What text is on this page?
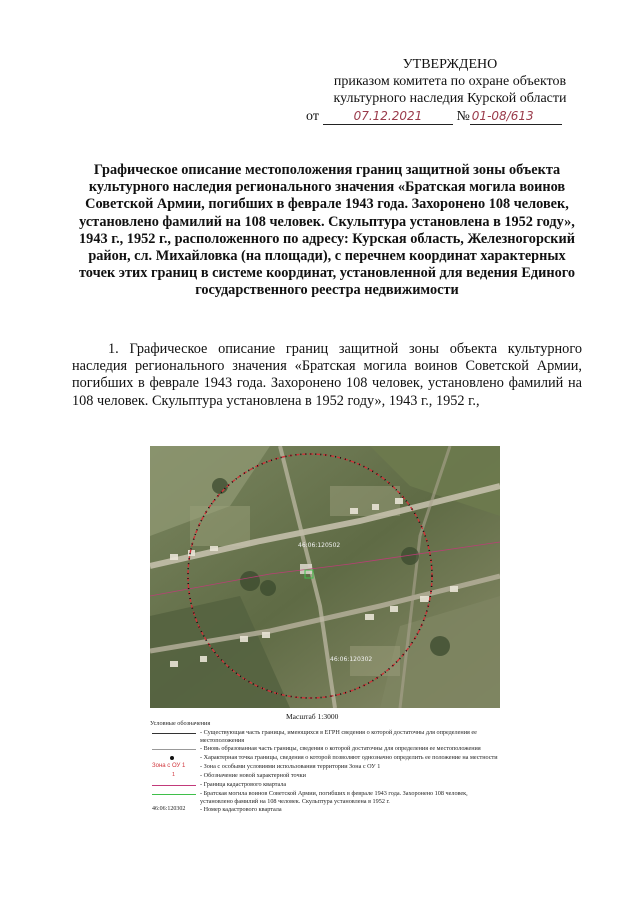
УТВЕРЖДЕНО
приказом комитета по охране объектов
культурного наследия Курской области
от	07.12.2021 № 01-08/613
Графическое описание местоположения границ защитной зоны объекта культурного наследия регионального значения «Братская могила воинов Советской Армии, погибших в феврале 1943 года. Захоронено 108 человек, установлено фамилий на 108 человек. Скульптура установлена в 1952 году», 1943 г., 1952 г., расположенного по адресу: Курская область, Железногорский район, сл. Михайловка (на площади), с перечнем координат характерных точек этих границ в системе координат, установленной для ведения Единого государственного реестра недвижимости
1. Графическое описание границ защитной зоны объекта культурного наследия регионального значения «Братская могила воинов Советской Армии, погибших в феврале 1943 года. Захоронено 108 человек, установлено фамилий на 108 человек. Скульптура установлена в 1952 году», 1943 г., 1952 г.,
46:06:120502
46:06:120302
Масштаб 1:3000
Условные обозначения
- Существующая часть границы, имеющихся в ЕГРН сведения о которой достаточны для определения ее местоположения
- Вновь образованная часть границы, сведения о которой достаточны для определения ее местоположения
- Характерная точка границы, сведения о которой позволяют однозначно определить ее положение на местности
Зона с ОУ 1 - Зона с особыми условиями использования территории Зона с ОУ 1
1	- Обозначение новой характерной точки
- Граница кадастрового квартала
- Братская могила воинов Советской Армии, погибших в феврале 1943 года. Захоронено 108 человек, установлено фамилий на 108 человек. Скульптура установлена в 1952 г.
46:06:120302 - Номер кадастрового квартала
